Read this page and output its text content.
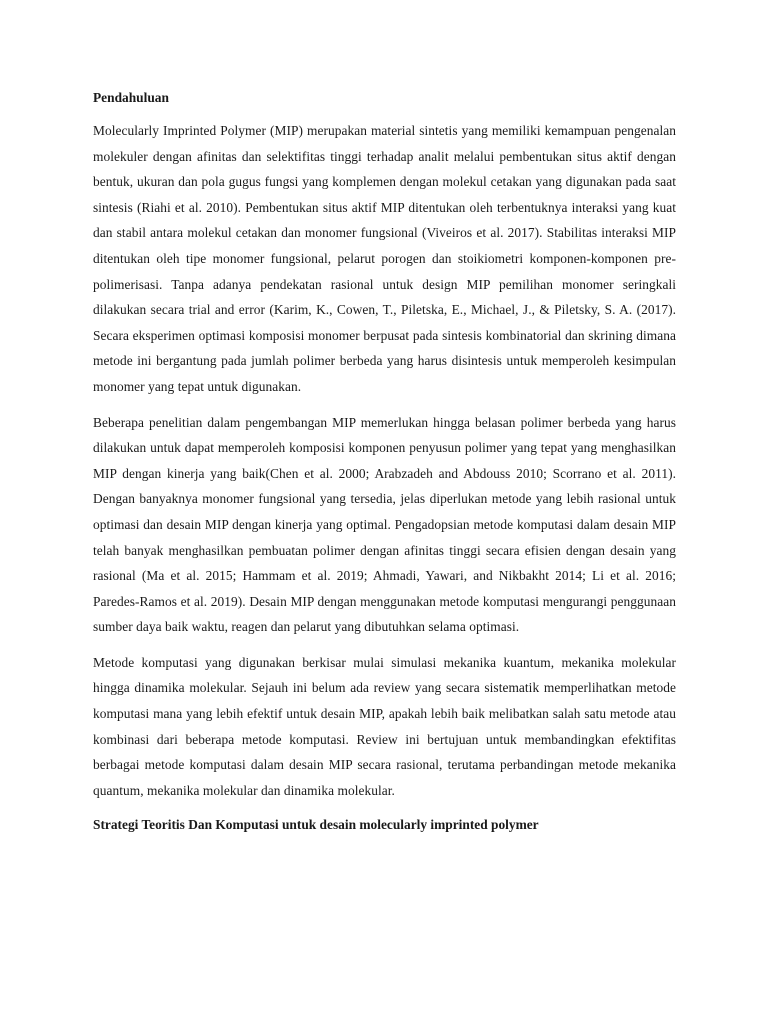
Pendahuluan

Molecularly Imprinted Polymer (MIP) merupakan material sintetis yang memiliki kemampuan pengenalan molekuler dengan afinitas dan selektifitas tinggi terhadap analit melalui pembentukan situs aktif dengan bentuk, ukuran dan pola gugus fungsi yang komplemen dengan molekul cetakan yang digunakan pada saat sintesis (Riahi et al. 2010). Pembentukan situs aktif MIP ditentukan oleh terbentuknya interaksi yang kuat dan stabil antara molekul cetakan dan monomer fungsional (Viveiros et al. 2017). Stabilitas interaksi MIP ditentukan oleh tipe monomer fungsional, pelarut porogen dan stoikiometri komponen-komponen pre-polimerisasi. Tanpa adanya pendekatan rasional untuk design MIP pemilihan monomer seringkali dilakukan secara trial and error (Karim, K., Cowen, T., Piletska, E., Michael, J., & Piletsky, S. A. (2017). Secara eksperimen optimasi komposisi monomer berpusat pada sintesis kombinatorial dan skrining dimana metode ini bergantung pada jumlah polimer berbeda yang harus disintesis untuk memperoleh kesimpulan monomer yang tepat untuk digunakan.

Beberapa penelitian dalam pengembangan MIP memerlukan hingga belasan polimer berbeda yang harus dilakukan untuk dapat memperoleh komposisi komponen penyusun polimer yang tepat yang menghasilkan MIP dengan kinerja yang baik(Chen et al. 2000; Arabzadeh and Abdouss 2010; Scorrano et al. 2011). Dengan banyaknya monomer fungsional yang tersedia, jelas diperlukan metode yang lebih rasional untuk optimasi dan desain MIP dengan kinerja yang optimal. Pengadopsian metode komputasi dalam desain MIP telah banyak menghasilkan pembuatan polimer dengan afinitas tinggi secara efisien dengan desain yang rasional (Ma et al. 2015; Hammam et al. 2019; Ahmadi, Yawari, and Nikbakht 2014; Li et al. 2016; Paredes-Ramos et al. 2019). Desain MIP dengan menggunakan metode komputasi mengurangi penggunaan sumber daya baik waktu, reagen dan pelarut yang dibutuhkan selama optimasi.

Metode komputasi yang digunakan berkisar mulai simulasi mekanika kuantum, mekanika molekular hingga dinamika molekular. Sejauh ini belum ada review yang secara sistematik memperlihatkan metode komputasi mana yang lebih efektif untuk desain MIP, apakah lebih baik melibatkan salah satu metode atau kombinasi dari beberapa metode komputasi. Review ini bertujuan untuk membandingkan efektifitas berbagai metode komputasi dalam desain MIP secara rasional, terutama perbandingan metode mekanika quantum, mekanika molekular dan dinamika molekular.

Strategi Teoritis Dan Komputasi untuk desain molecularly imprinted polymer
